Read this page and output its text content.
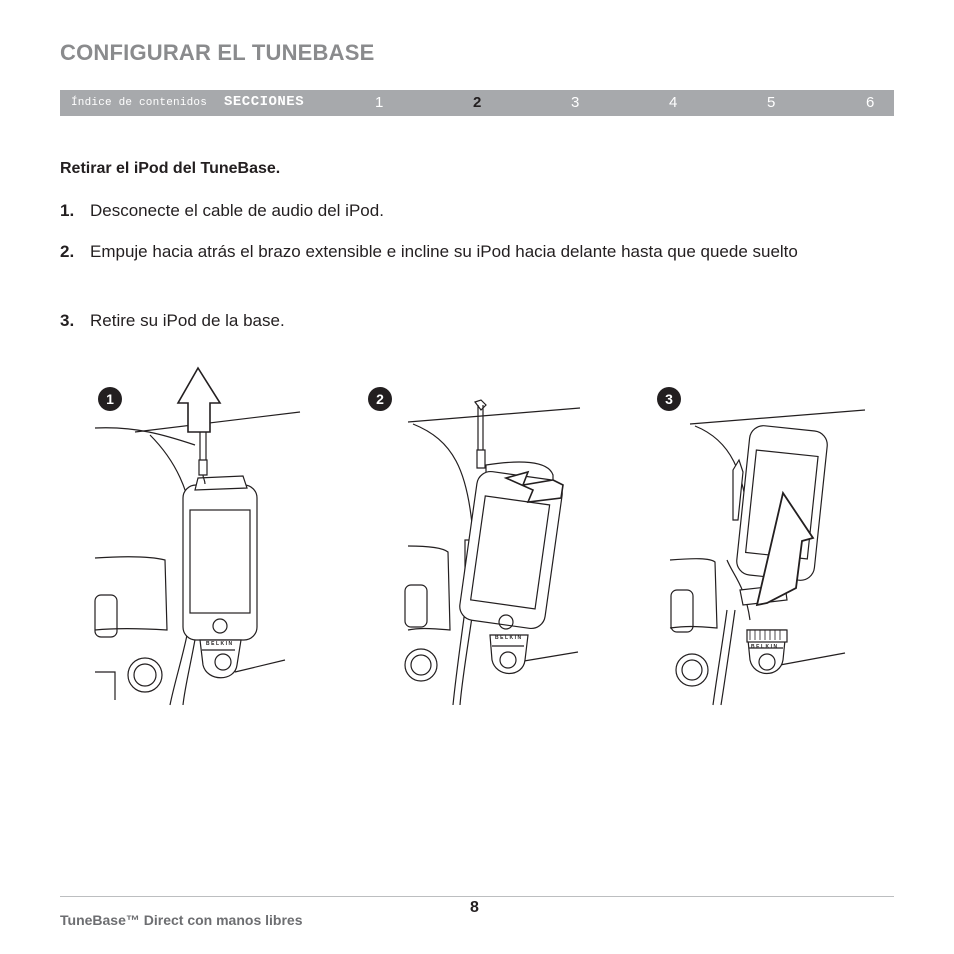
CONFIGURAR EL TUNEBASE
Índice de contenidos SECCIONES	1	2	3	4	5	6
Retirar el iPod del TuneBase.
1. Desconecte el cable de audio del iPod.
2. Empuje hacia atrás el brazo extensible e incline su iPod hacia delante hasta que quede suelto
3. Retire su iPod de la base.
1
BELKIN
2
BELKIN
3
BELKIN
8
TuneBase™ Direct con manos libres
